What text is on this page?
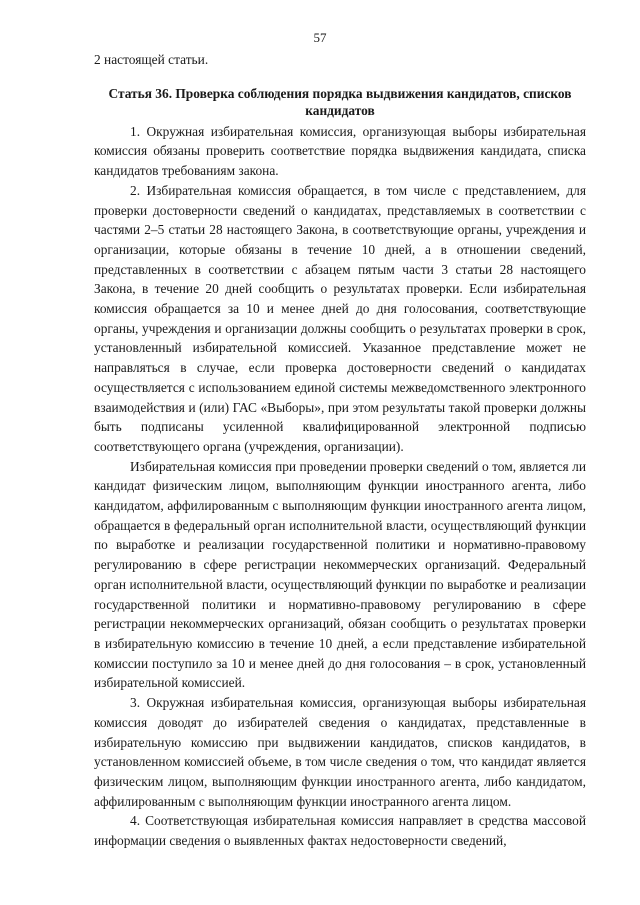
57

2 настоящей статьи.

Статья 36. Проверка соблюдения порядка выдвижения кандидатов, списков кандидатов

1. Окружная избирательная комиссия, организующая выборы избирательная комиссия обязаны проверить соответствие порядка выдвижения кандидата, списка кандидатов требованиям закона.

2. Избирательная комиссия обращается, в том числе с представлением, для проверки достоверности сведений о кандидатах, представляемых в соответствии с частями 2–5 статьи 28 настоящего Закона, в соответствующие органы, учреждения и организации, которые обязаны в течение 10 дней, а в отношении сведений, представленных в соответствии с абзацем пятым части 3 статьи 28 настоящего Закона, в течение 20 дней сообщить о результатах проверки. Если избирательная комиссия обращается за 10 и менее дней до дня голосования, соответствующие органы, учреждения и организации должны сообщить о результатах проверки в срок, установленный избирательной комиссией. Указанное представление может не направляться в случае, если проверка достоверности сведений о кандидатах осуществляется с использованием единой системы межведомственного электронного взаимодействия и (или) ГАС «Выборы», при этом результаты такой проверки должны быть подписаны усиленной квалифицированной электронной подписью соответствующего органа (учреждения, организации).

Избирательная комиссия при проведении проверки сведений о том, является ли кандидат физическим лицом, выполняющим функции иностранного агента, либо кандидатом, аффилированным с выполняющим функции иностранного агента лицом, обращается в федеральный орган исполнительной власти, осуществляющий функции по выработке и реализации государственной политики и нормативно-правовому регулированию в сфере регистрации некоммерческих организаций. Федеральный орган исполнительной власти, осуществляющий функции по выработке и реализации государственной политики и нормативно-правовому регулированию в сфере регистрации некоммерческих организаций, обязан сообщить о результатах проверки в избирательную комиссию в течение 10 дней, а если представление избирательной комиссии поступило за 10 и менее дней до дня голосования – в срок, установленный избирательной комиссией.

3. Окружная избирательная комиссия, организующая выборы избирательная комиссия доводят до избирателей сведения о кандидатах, представленные в избирательную комиссию при выдвижении кандидатов, списков кандидатов, в установленном комиссией объеме, в том числе сведения о том, что кандидат является физическим лицом, выполняющим функции иностранного агента, либо кандидатом, аффилированным с выполняющим функции иностранного агента лицом.

4. Соответствующая избирательная комиссия направляет в средства массовой информации сведения о выявленных фактах недостоверности сведений,
